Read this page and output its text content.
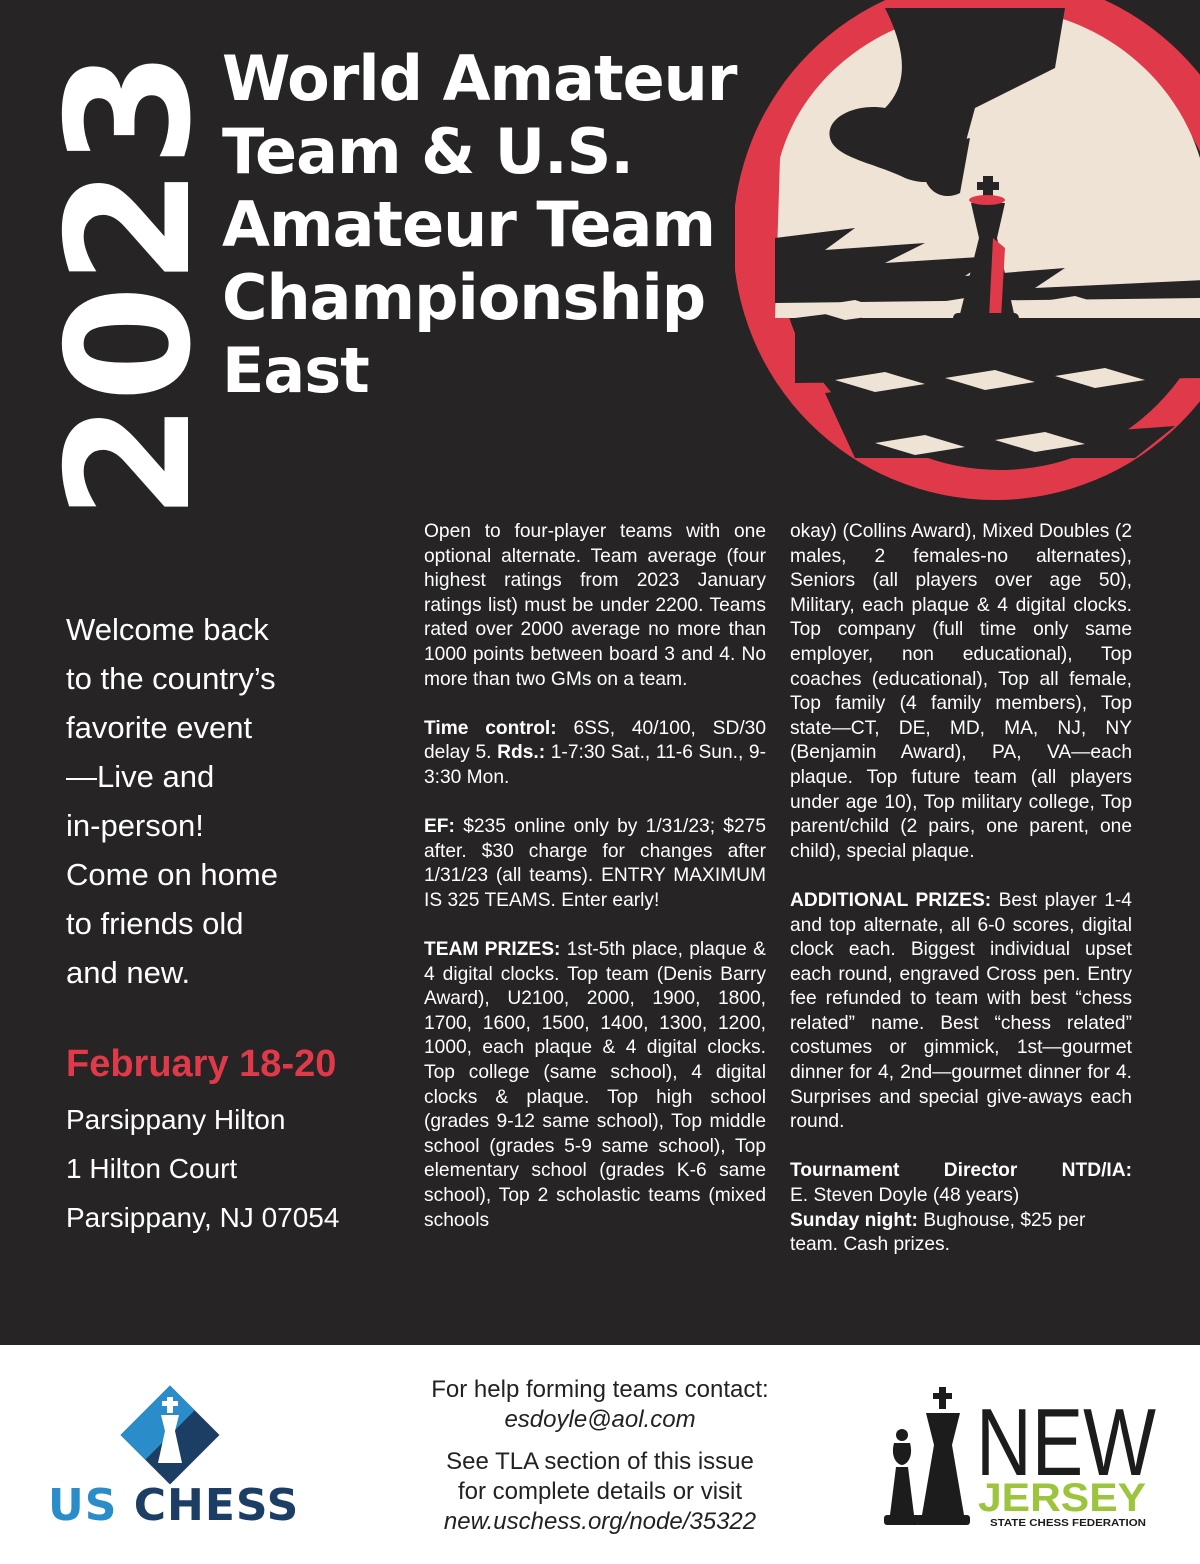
2023
World Amateur
Team & U.S.
Amateur Team
Championship
East
Welcome back
to the country’s
favorite event
—Live and
in-person!
Come on home
to friends old
and new.
February 18-20
Parsippany Hilton
1 Hilton Court
Parsippany, NJ 07054

Open to four-player teams with one optional alternate. Team average (four highest ratings from 2023 January ratings list) must be under 2200. Teams rated over 2000 average no more than 1000 points between board 3 and 4. No more than two GMs on a team.

Time control: 6SS, 40/100, SD/30 delay 5. Rds.: 1-7:30 Sat., 11-6 Sun., 9-3:30 Mon.

EF: $235 online only by 1/31/23; $275 after. $30 charge for changes after 1/31/23 (all teams). ENTRY MAXIMUM IS 325 TEAMS. Enter early!

TEAM PRIZES: 1st-5th place, plaque & 4 digital clocks. Top team (Denis Barry Award), U2100, 2000, 1900, 1800, 1700, 1600, 1500, 1400, 1300, 1200, 1000, each plaque & 4 digital clocks. Top college (same school), 4 digital clocks & plaque. Top high school (grades 9-12 same school), Top middle school (grades 5-9 same school), Top elementary school (grades K-6 same school), Top 2 scholastic teams (mixed schools

okay) (Collins Award), Mixed Doubles (2 males, 2 females-no alternates), Seniors (all players over age 50), Military, each plaque & 4 digital clocks. Top company (full time only same employer, non educational), Top coaches (educational), Top all female, Top family (4 family members), Top state—CT, DE, MD, MA, NJ, NY (Benjamin Award), PA, VA—each plaque. Top future team (all players under age 10), Top military college, Top parent/child (2 pairs, one parent, one child), special plaque.

ADDITIONAL PRIZES: Best player 1-4 and top alternate, all 6-0 scores, digital clock each. Biggest individual upset each round, engraved Cross pen. Entry fee refunded to team with best “chess related” name. Best “chess related” costumes or gimmick, 1st—gourmet dinner for 4, 2nd—gourmet dinner for 4. Surprises and special give-aways each round.

Tournament Director NTD/IA:
E. Steven Doyle (48 years)
Sunday night: Bughouse, $25 per team. Cash prizes.

US CHESS
For help forming teams contact:
esdoyle@aol.com
See TLA section of this issue
for complete details or visit
new.uschess.org/node/35322
NEW
JERSEY
STATE CHESS FEDERATION
